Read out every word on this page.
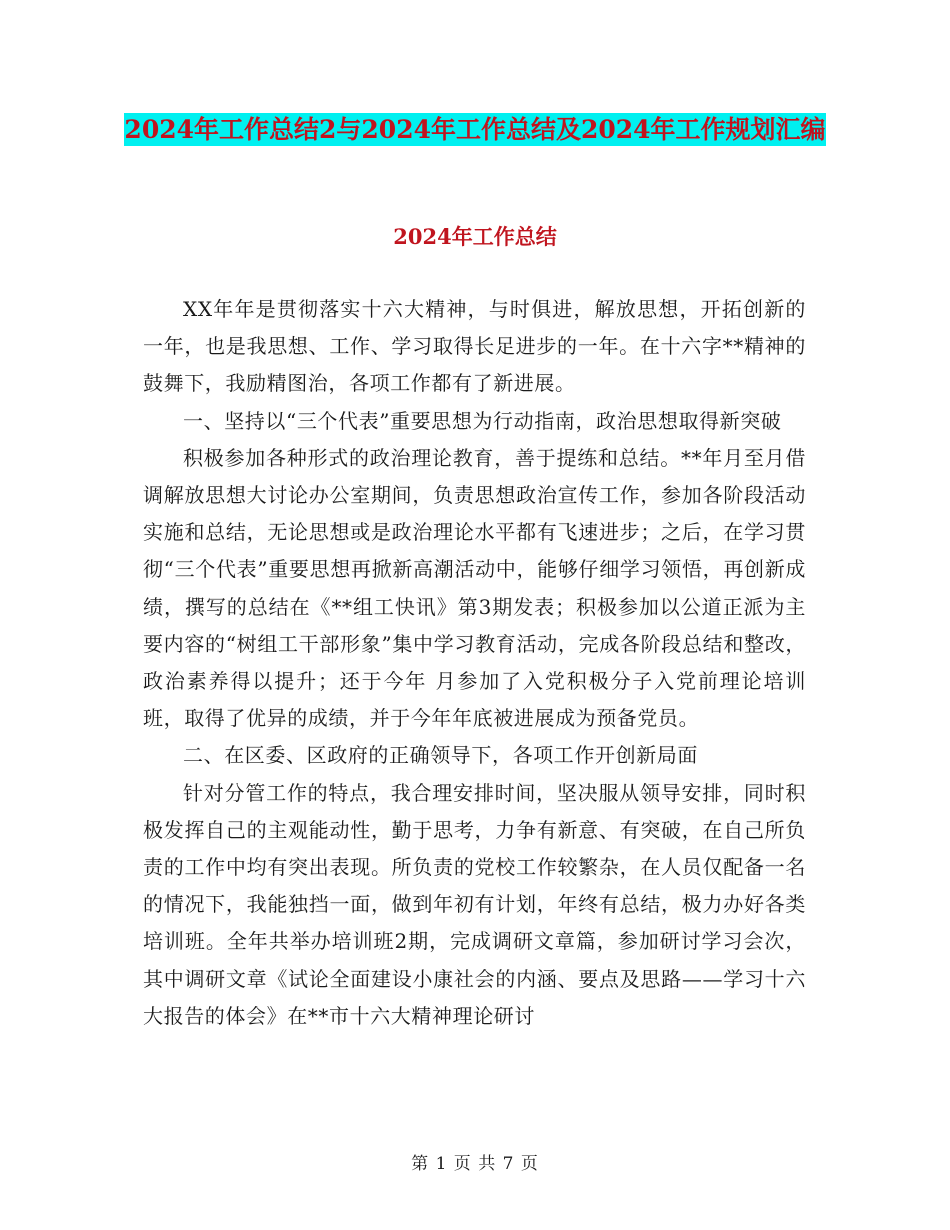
2024年工作总结2与2024年工作总结及2024年工作规划汇编
2024年工作总结

XX年年是贯彻落实十六大精神，与时俱进，解放思想，开拓创新的一年，也是我思想、工作、学习取得长足进步的一年。在十六字**精神的鼓舞下，我励精图治，各项工作都有了新进展。

一、坚持以“三个代表”重要思想为行动指南，政治思想取得新突破

积极参加各种形式的政治理论教育，善于提练和总结。**年月至月借调解放思想大讨论办公室期间，负责思想政治宣传工作，参加各阶段活动实施和总结，无论思想或是政治理论水平都有飞速进步；之后，在学习贯彻“三个代表”重要思想再掀新高潮活动中，能够仔细学习领悟，再创新成绩，撰写的总结在《**组工快讯》第3期发表；积极参加以公道正派为主要内容的“树组工干部形象”集中学习教育活动，完成各阶段总结和整改，政治素养得以提升；还于今年 月参加了入党积极分子入党前理论培训班，取得了优异的成绩，并于今年年底被进展成为预备党员。

二、在区委、区政府的正确领导下，各项工作开创新局面

针对分管工作的特点，我合理安排时间，坚决服从领导安排，同时积极发挥自己的主观能动性，勤于思考，力争有新意、有突破，在自己所负责的工作中均有突出表现。所负责的党校工作较繁杂，在人员仅配备一名的情况下，我能独挡一面，做到年初有计划，年终有总结，极力办好各类培训班。全年共举办培训班2期，完成调研文章篇，参加研讨学习会次，其中调研文章《试论全面建设小康社会的内涵、要点及思路——学习十六大报告的体会》在**市十六大精神理论研讨

第 1 页 共 7 页
